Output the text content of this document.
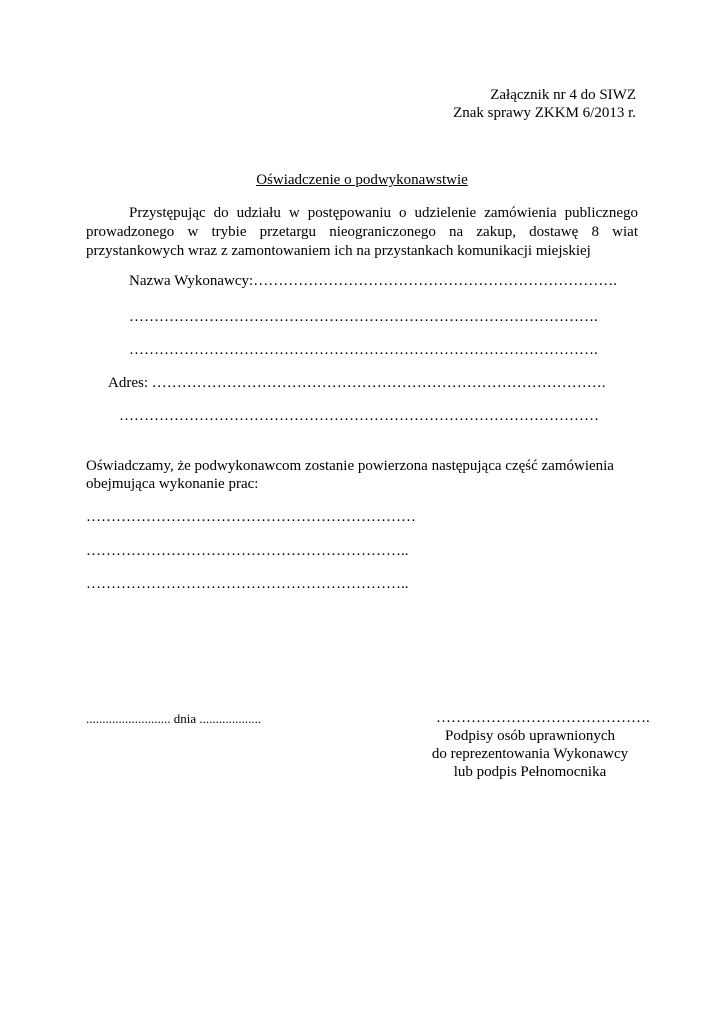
Załącznik nr 4 do SIWZ
Znak sprawy ZKKM 6/2013 r.
Oświadczenie o podwykonawstwie
Przystępując do udziału w postępowaniu o udzielenie zamówienia publicznego prowadzonego w trybie przetargu nieograniczonego na zakup, dostawę 8 wiat przystankowych wraz z zamontowaniem ich na przystankach komunikacji miejskiej
Nazwa Wykonawcy:……………………………………………………………….
………………………………………………………………………………….
………………………………………………………………………………….
Adres: ……………………………………………………………………………….
……………………………………………………………………………………
Oświadczamy, że podwykonawcom zostanie powierzona następująca część zamówienia
obejmująca wykonanie prac:
…………………………………………………………
………………………………………………………..
………………………………………………………..
.......................... dnia ...................	…………………………………….
Podpisy osób uprawnionych
do reprezentowania Wykonawcy
lub podpis Pełnomocnika
